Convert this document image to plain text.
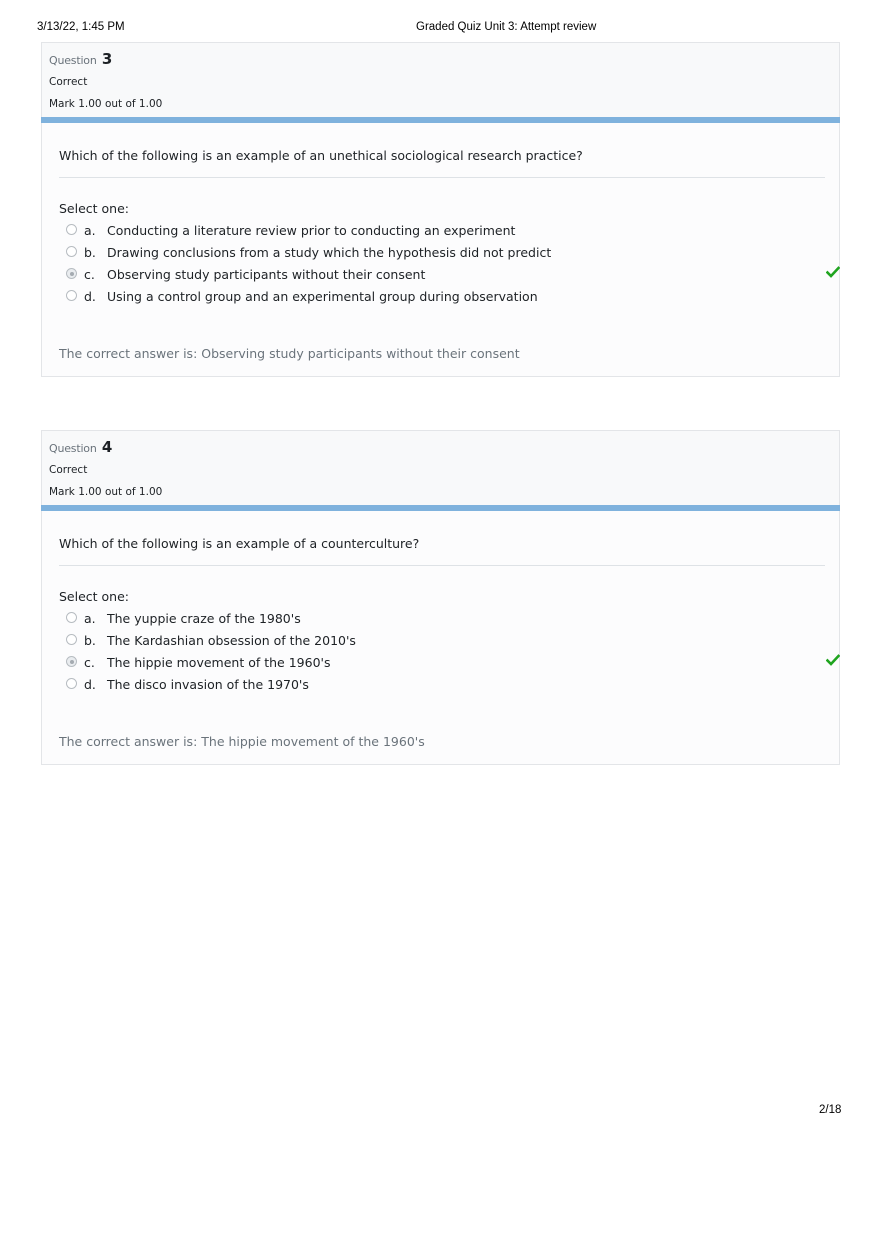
3/13/22, 1:45 PM	Graded Quiz Unit 3: Attempt review
Question 3
Correct
Mark 1.00 out of 1.00
Which of the following is an example of an unethical sociological research practice?
Select one:
a. Conducting a literature review prior to conducting an experiment
b. Drawing conclusions from a study which the hypothesis did not predict
c. Observing study participants without their consent
d. Using a control group and an experimental group during observation
The correct answer is: Observing study participants without their consent
Question 4
Correct
Mark 1.00 out of 1.00
Which of the following is an example of a counterculture?
Select one:
a. The yuppie craze of the 1980's
b. The Kardashian obsession of the 2010's
c. The hippie movement of the 1960's
d. The disco invasion of the 1970's
The correct answer is: The hippie movement of the 1960's
2/18
